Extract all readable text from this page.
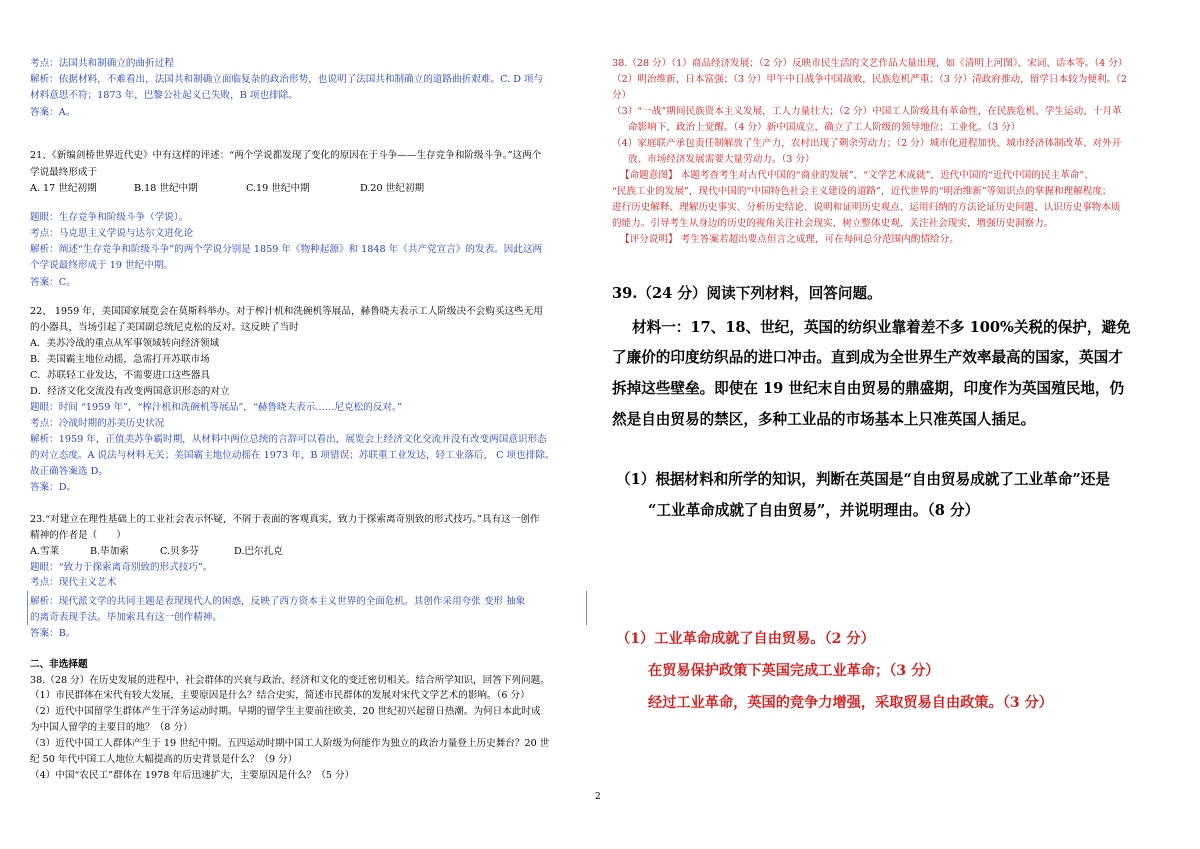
考点：法国共和制确立的曲折过程
解析：依据材料，不难看出，法国共和制确立面临复杂的政治形势，也说明了法国共和制确立的道路曲折艰难。C. D 项与
材料意思不符；1873 年，巴黎公社起义已失败，B 项也排除。
答案：A。
21、《新编剑桥世界近代史》中有这样的评述：“两个学说都发现了变化的原因在于斗争——生存竞争和阶级斗争。”这两个
学说最终形成于
A. 17 世纪初期	B.18 世纪中期	C.19 世纪中期	D.20 世纪初期
题眼：生存竞争和阶级斗争（学说）。
考点：马克思主义学说与达尔文进化论
解析：阐述“生存竞争和阶级斗争”的两个学说分别是 1859 年《物种起源》和 1848 年《共产党宣言》的发表。因此这两
个学说最终形成于 19 世纪中期。
答案：C。
22、 1959 年，美国国家展览会在莫斯科举办。对于榨汁机和洗碗机等展品，赫鲁晓夫表示工人阶级决不会购买这些无用
的小器具，当场引起了美国副总统尼克松的反对。这反映了当时
A．美苏冷战的重点从军事领域转向经济领域
B．美国霸主地位动摇，急需打开苏联市场
C．苏联轻工业发达，不需要进口这些器具
D．经济文化交流没有改变两国意识形态的对立
题眼：时间 “1959 年”，“榨汁机和洗碗机等展品”，“赫鲁晓夫表示……尼克松的反对。”
考点：冷战时期的苏美历史状况
解析：1959 年，正值美苏争霸时期，从材料中两位总统的言辞可以看出，展览会上经济文化交流并没有改变两国意识形态
的对立态度。A 说法与材料无关；美国霸主地位动摇在 1973 年，B 项错误；苏联重工业发达，轻工业落后， C 项也排除。
故正确答案选 D。
答案：D。
23.“对建立在理性基础上的工业社会表示怀疑，不屑于表面的客观真实，致力于探索离奇别致的形式技巧。”具有这一创作
精神的作者是（　　）
A.雪莱	B.毕加索	C.贝多芬	D.巴尔扎克
题眼：“致力于探索离奇别致的形式技巧”。
考点：现代主义艺术
解析：现代派文学的共同主题是表现现代人的困惑，反映了西方资本主义世界的全面危机。其创作采用夸张 变形 抽象
的离奇表现手法。毕加索具有这一创作精神。
答案：B。
二、非选择题
38.（28 分）在历史发展的进程中，社会群体的兴衰与政治、经济和文化的变迁密切相关。结合所学知识，回答下列问题。
（1）市民群体在宋代有较大发展，主要原因是什么？结合史实，简述市民群体的发展对宋代文学艺术的影响。（6 分）
（2）近代中国留学生群体产生于洋务运动时期。早期的留学生主要前往欧美，20 世纪初兴起留日热潮。为何日本此时成
为中国人留学的主要目的地？（8 分）
（3）近代中国工人群体产生于 19 世纪中期。五四运动时期中国工人阶级为何能作为独立的政治力量登上历史舞台？20 世
纪 50 年代中国工人地位大幅提高的历史背景是什么？（9 分）
（4）中国“农民工”群体在 1978 年后迅速扩大，主要原因是什么？（5 分）
38.（28 分）（1）商品经济发展；（2 分）反映市民生活的文艺作品大量出现，如《清明上河图》、宋词、话本等。（4 分）
（2）明治维新，日本富强；（3 分）甲午中日战争中国战败，民族危机严重；（3 分）清政府推动，留学日本较为便利。（2
分）
（3）“一战”期间民族资本主义发展，工人力量壮大；（2 分）中国工人阶级具有革命性，在民族危机、学生运动、十月革
命影响下，政治上觉醒。（4 分）新中国成立，确立了工人阶级的领导地位；工业化。（3 分）
（4）家庭联产承包责任制解放了生产力，农村出现了剩余劳动力；（2 分）城市化进程加快、城市经济体制改革、对外开
放、市场经济发展需要大量劳动力。（3 分）
【命题意图】 本题考查考生对古代中国的“商业的发展”、“文学艺术成就”，近代中国的“近代中国的民主革命”、
“民族工业的发展”，现代中国的“中国特色社会主义建设的道路”，近代世界的“明治维新”等知识点的掌握和理解程度；
进行历史解释、理解历史事实、分析历史结论、说明和证明历史观点、运用归纳的方法论证历史问题、认识历史事物本质
的能力。引导考生从身边的历史的视角关注社会现实，树立整体史观，关注社会现实，增强历史洞察力。
【评分说明】 考生答案若超出要点但言之成理，可在每问总分范围内酌情给分。
39.（24 分）阅读下列材料，回答问题。
材料一：17、18、世纪，英国的纺织业靠着差不多 100%关税的保护，避免
了廉价的印度纺织品的进口冲击。直到成为全世界生产效率最高的国家，英国才
拆掉这些壁垒。即使在 19 世纪末自由贸易的鼎盛期，印度作为英国殖民地，仍
然是自由贸易的禁区，多种工业品的市场基本上只准英国人插足。
（1）根据材料和所学的知识，判断在英国是“自由贸易成就了工业革命”还是
“工业革命成就了自由贸易”，并说明理由。（8 分）
（1）工业革命成就了自由贸易。（2 分）
在贸易保护政策下英国完成工业革命；（3 分）
经过工业革命，英国的竞争力增强，采取贸易自由政策。（3 分）
2
